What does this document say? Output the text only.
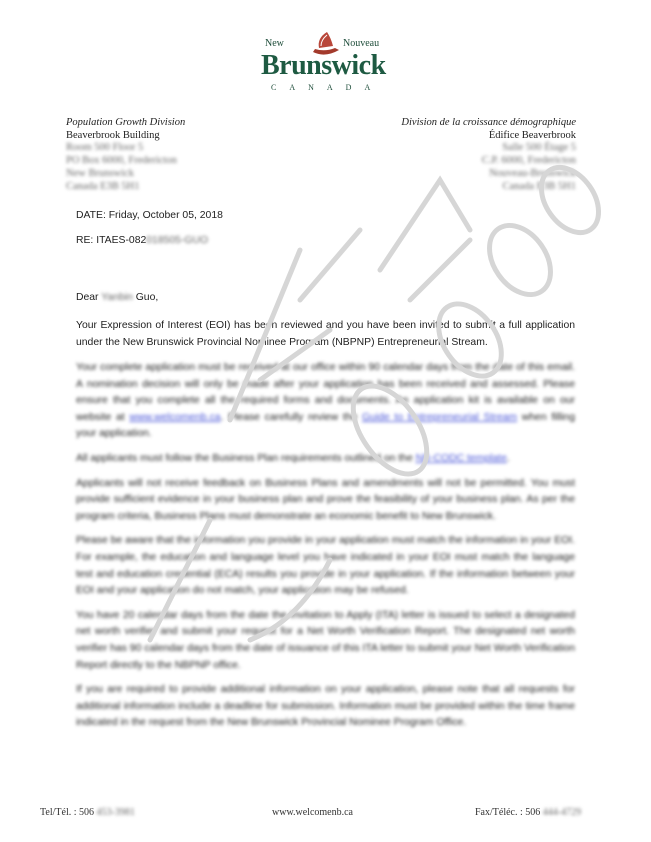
New	Nouveau
Brunswick
CANADA
Population Growth Division
Beaverbrook Building
Room 500 Floor 5
PO Box 6000, Fredericton
New Brunswick
Canada E3B 5H1
Division de la croissance démographique
Édifice Beaverbrook
Salle 500 Étage 5
C.P. 6000, Fredericton
Nouveau-Brunswick
Canada E3B 5H1
DATE: Friday, October 05, 2018
RE: ITAES-082018505-GUO
Dear Yanbin Guo,

Your Expression of Interest (EOI) has been reviewed and you have been invited to submit a full application under the New Brunswick Provincial Nominee Program (NBPNP) Entrepreneurial Stream.

Your complete application must be received at our office within 90 calendar days from the date of this email. A nomination decision will only be made after your application has been received and assessed. Please ensure that you complete all the required forms and documents. An application kit is available on our website at www.welcomenb.ca. Please carefully review the Guide to Entrepreneurial Stream when filling your application.

All applicants must follow the Business Plan requirements outlined on the NB-CODC template.

Applicants will not receive feedback on Business Plans and amendments will not be permitted. You must provide sufficient evidence in your business plan and prove the feasibility of your business plan. As per the program criteria, Business Plans must demonstrate an economic benefit to New Brunswick.

Please be aware that the information you provide in your application must match the information in your EOI. For example, the education and language level you have indicated in your EOI must match the language test and education credential (ECA) results you provide in your application. If the information between your EOI and your application do not match, your application may be refused.

You have 20 calendar days from the date the Invitation to Apply (ITA) letter is issued to select a designated net worth verifier and submit your request for a Net Worth Verification Report. The designated net worth verifier has 90 calendar days from the date of issuance of this ITA letter to submit your Net Worth Verification Report directly to the NBPNP office.

If you are required to provide additional information on your application, please note that all requests for additional information include a deadline for submission. Information must be provided within the time frame indicated in the request from the New Brunswick Provincial Nominee Program Office.

Tel/Tél. : 506 453-3981	www.welcomenb.ca	Fax/Téléc. : 506 444-4729
